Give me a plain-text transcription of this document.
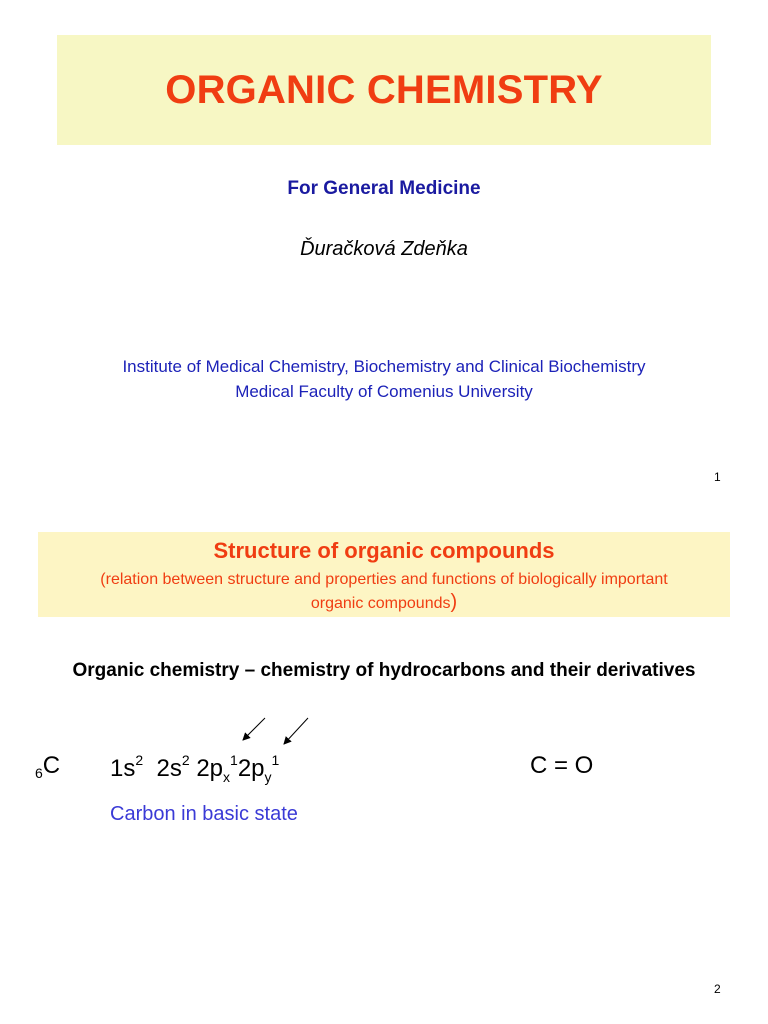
ORGANIC CHEMISTRY
For General Medicine
Ďuračková Zdeňka
Institute of Medical Chemistry, Biochemistry and Clinical Biochemistry
Medical Faculty of Comenius University
1
Structure of organic compounds
(relation between structure and properties and functions of biologically important
organic compounds)
Organic chemistry – chemistry of hydrocarbons and their derivatives
$_6$C $1s^2$ $2s^2$ $2p_x^12p_y^1$	C = O
Carbon in basic state
2
